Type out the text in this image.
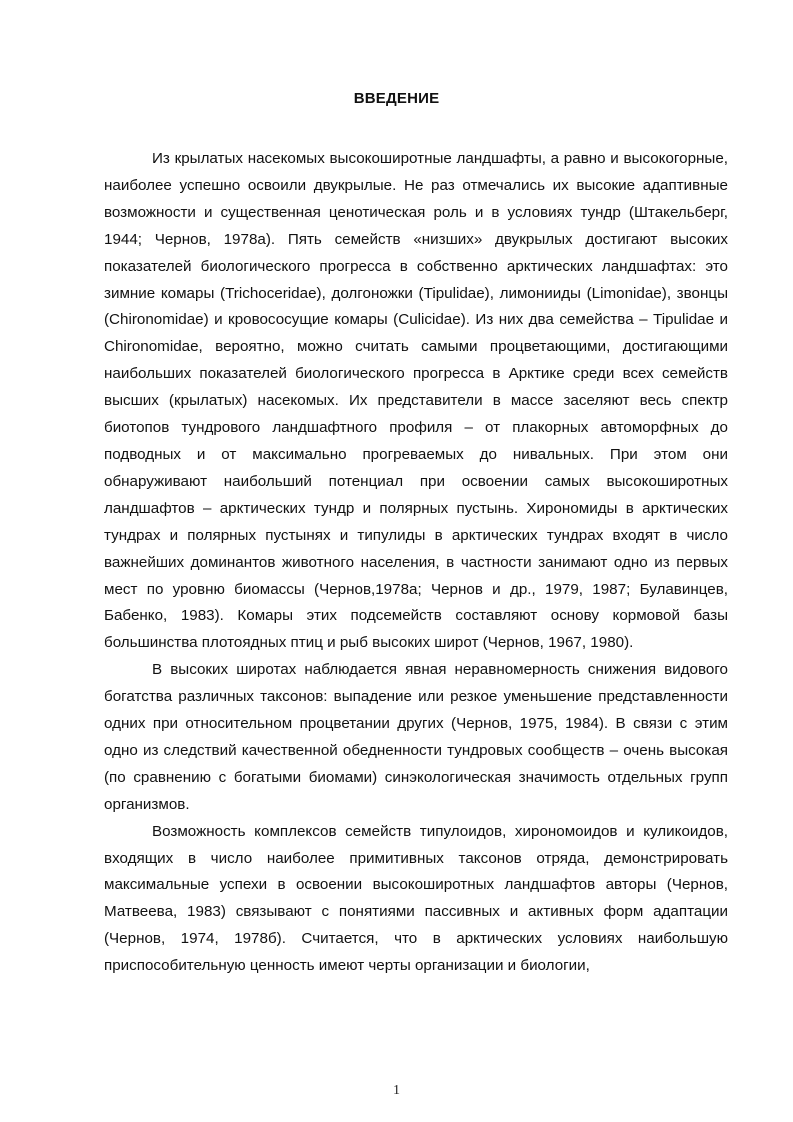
ВВЕДЕНИЕ

Из крылатых насекомых высокоширотные ландшафты, а равно и высокогорные, наиболее успешно освоили двукрылые. Не раз отмечались их высокие адаптивные возможности и существенная ценотическая роль и в условиях тундр (Штакельберг, 1944; Чернов, 1978а). Пять семейств «низших» двукрылых достигают высоких показателей биологического прогресса в собственно арктических ландшафтах: это зимние комары (Trichoceridae), долгоножки (Tipulidae), лимонииды (Limonidae), звонцы (Chironomidae) и кровососущие комары (Culicidae). Из них два семейства – Tipulidae и Chironomidae, вероятно, можно считать самыми процветающими, достигающими наибольших показателей биологического прогресса в Арктике среди всех семейств высших (крылатых) насекомых. Их представители в массе заселяют весь спектр биотопов тундрового ландшафтного профиля – от плакорных автоморфных до подводных и от максимально прогреваемых до нивальных. При этом они обнаруживают наибольший потенциал при освоении самых высокоширотных ландшафтов – арктических тундр и полярных пустынь. Хирономиды в арктических тундрах и полярных пустынях и типулиды в арктических тундрах входят в число важнейших доминантов животного населения, в частности занимают одно из первых мест по уровню биомассы (Чернов,1978а; Чернов и др., 1979, 1987; Булавинцев, Бабенко, 1983). Комары этих подсемейств составляют основу кормовой базы большинства плотоядных птиц и рыб высоких широт (Чернов, 1967, 1980).

В высоких широтах наблюдается явная неравномерность снижения видового богатства различных таксонов: выпадение или резкое уменьшение представленности одних при относительном процветании других (Чернов, 1975, 1984). В связи с этим одно из следствий качественной обедненности тундровых сообществ – очень высокая (по сравнению с богатыми биомами) синэкологическая значимость отдельных групп организмов.

Возможность комплексов семейств типулоидов, хирономоидов и куликоидов, входящих в число наиболее примитивных таксонов отряда, демонстрировать максимальные успехи в освоении высокоширотных ландшафтов авторы (Чернов, Матвеева, 1983) связывают с понятиями пассивных и активных форм адаптации (Чернов, 1974, 1978б). Считается, что в арктических условиях наибольшую приспособительную ценность имеют черты организации и биологии,

1
